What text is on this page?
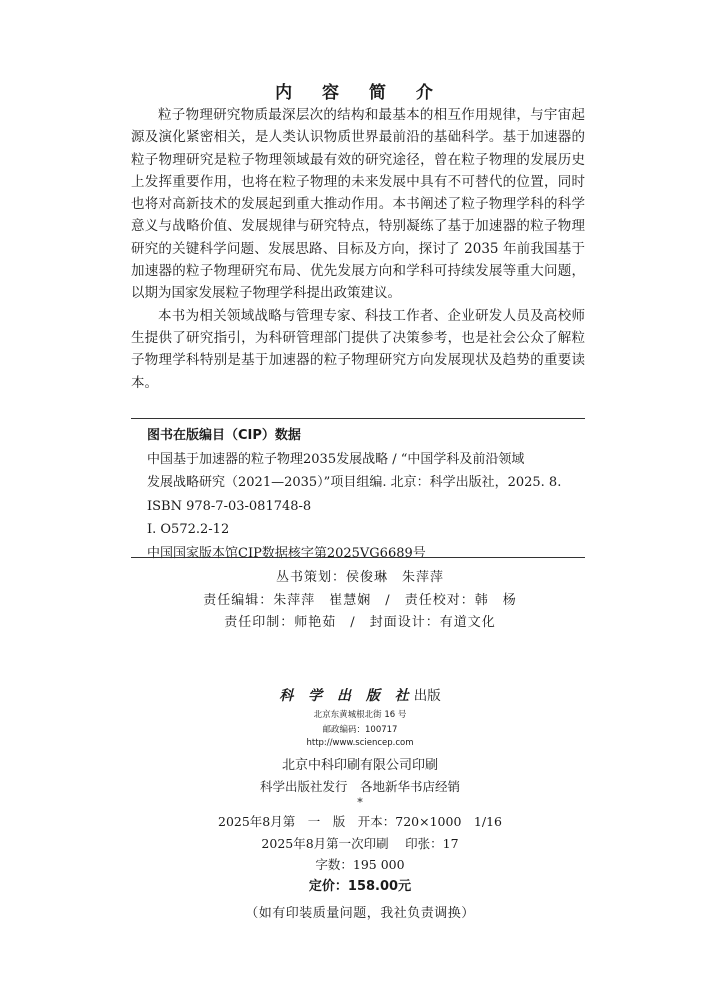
内 容 简 介

粒子物理研究物质最深层次的结构和最基本的相互作用规律，与宇宙起源及演化紧密相关，是人类认识物质世界最前沿的基础科学。基于加速器的粒子物理研究是粒子物理领域最有效的研究途径，曾在粒子物理的发展历史上发挥重要作用，也将在粒子物理的未来发展中具有不可替代的位置，同时也将对高新技术的发展起到重大推动作用。本书阐述了粒子物理学科的科学意义与战略价值、发展规律与研究特点，特别凝练了基于加速器的粒子物理研究的关键科学问题、发展思路、目标及方向，探讨了 2035 年前我国基于加速器的粒子物理研究布局、优先发展方向和学科可持续发展等重大问题，以期为国家发展粒子物理学科提出政策建议。

本书为相关领域战略与管理专家、科技工作者、企业研发人员及高校师生提供了研究指引，为科研管理部门提供了决策参考，也是社会公众了解粒子物理学科特别是基于加速器的粒子物理研究方向发展现状及趋势的重要读本。

图书在版编目（CIP）数据
中国基于加速器的粒子物理2035发展战略 / “中国学科及前沿领域
发展战略研究（2021—2035）”项目组编. 北京：科学出版社，2025. 8.
ISBN 978-7-03-081748-8
Ⅰ. O572.2-12
中国国家版本馆CIP数据核字第2025VG6689号
丛书策划：侯俊琳　朱萍萍
责任编辑：朱萍萍　崔慧娴 / 责任校对：韩　杨
责任印制：师艳茹 / 封面设计：有道文化
科 学 出 版 社出版
北京东黄城根北街 16 号
邮政编码：100717
http://www.sciencep.com
北京中科印刷有限公司印刷
科学出版社发行　各地新华书店经销
*
2025年8月第　一　版　开本：720×1000　1/16
2025年8月第一次印刷　 印张：17
字数：195 000
定价：158.00元
（如有印装质量问题，我社负责调换）
